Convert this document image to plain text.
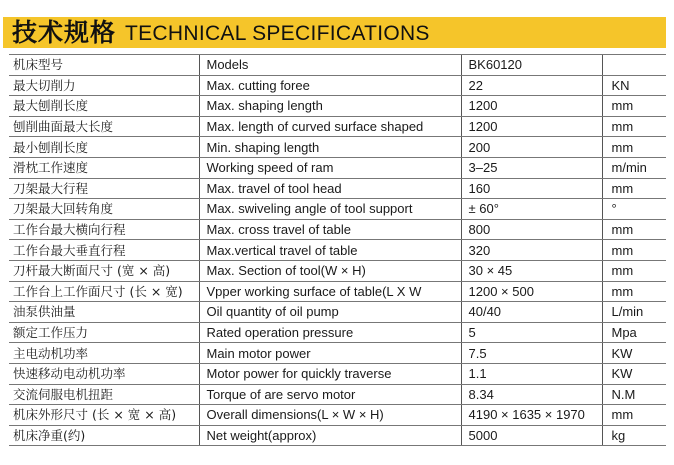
技术规格 TECHNICAL SPECIFICATIONS
机床型号	Models	BK60120	
最大切削力	Max. cutting foree	22	KN
最大刨削长度	Max. shaping length	1200	mm
刨削曲面最大长度	Max. length of curved surface shaped	1200	mm
最小刨削长度	Min. shaping length	200	mm
滑枕工作速度	Working speed of ram	3–25	m/min
刀架最大行程	Max. travel of tool head	160	mm
刀架最大回转角度	Max. swiveling angle of tool support	± 60°	°
工作台最大横向行程	Max. cross travel of table	800	mm
工作台最大垂直行程	Max.vertical travel of table	320	mm
刀杆最大断面尺寸 (宽 × 高)	Max. Section of tool(W × H)	30 × 45	mm
工作台上工作面尺寸 (长 × 宽)	Vpper working surface of table(L X W	1200 × 500	mm
油泵供油量	Oil quantity of oil pump	40/40	L/min
额定工作压力	Rated operation pressure	5	Mpa
主电动机功率	Main motor power	7.5	KW
快速移动电动机功率	Motor power for quickly traverse	1.1	KW
交流伺服电机扭距	Torque of are servo motor	8.34	N.M
机床外形尺寸 (长 × 宽 × 高)	Overall dimensions(L × W × H)	4190 × 1635 × 1970	mm
机床净重(约)	Net weight(approx)	5000	kg
